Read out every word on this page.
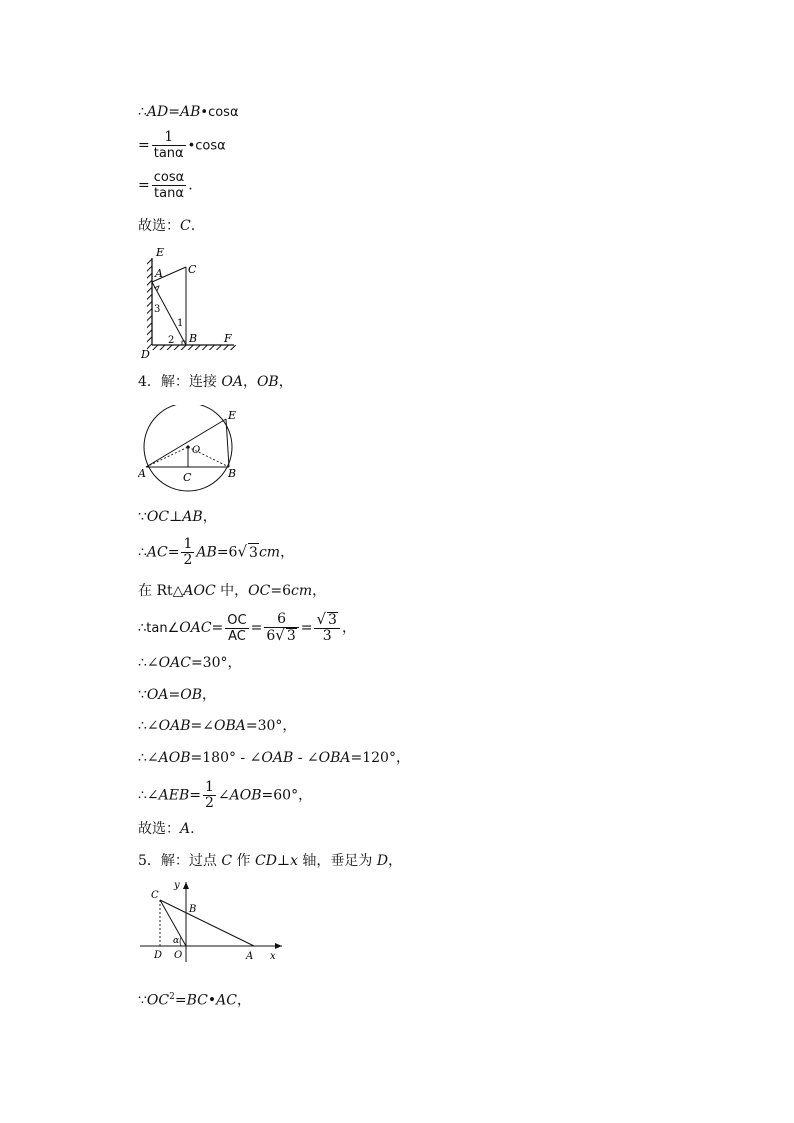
∴AD=AB•cosα
= $\frac{1}{\tan\alpha}$ •cosα
= $\frac{\cos\alpha}{\tan\alpha}$ .
故选：C.
E
A C
3
1
2 B F
D
4．解：连接 OA，OB，
E
O
A	C	B
∵OC⊥AB，
∴AC= $\frac{1}{2} AB=6√$ 3cm，
在 Rt△AOC 中，OC=6cm，
∴tan∠OAC= $\frac{OC}{AC} = \frac{6}{6√ 3} = \frac{√ 3}{3}$ ，
∴∠OAC=30°，
∵OA=OB，
∴∠OAB=∠OBA=30°，
∴∠AOB=180° - ∠OAB - ∠OBA=120°，
∴∠AEB= $\frac{1}{2}$ ∠AOB=60°，
故选：A.
5．解：过点 C 作 CD⊥x 轴，垂足为 D，
C
y
B
α
D O	A x
$\because OC^2=BC•AC$，
